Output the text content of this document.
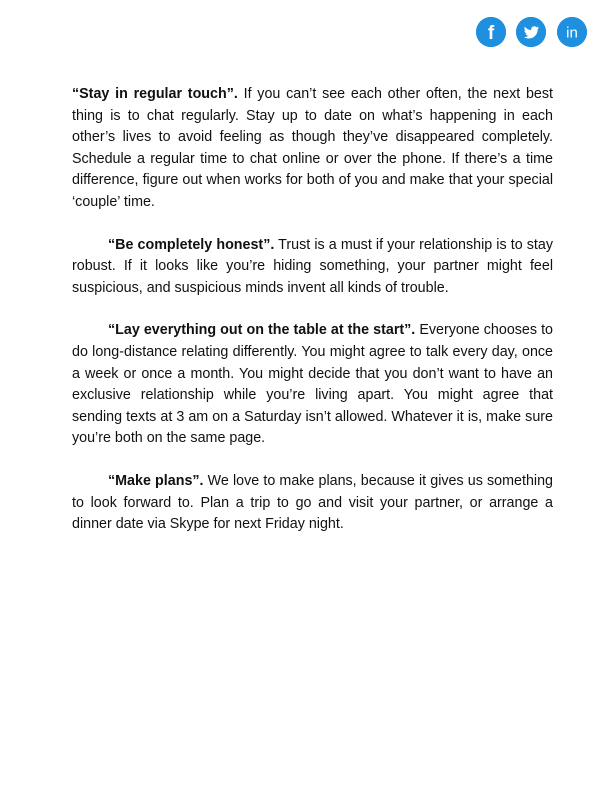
f	in

“Stay in regular touch”. If you can’t see each other often, the next best thing is to chat regularly. Stay up to date on what’s happening in each other’s lives to avoid feeling as though they’ve disappeared completely. Schedule a regular time to chat online or over the phone. If there’s a time difference, figure out when works for both of you and make that your special ‘couple’ time.

“Be completely honest”. Trust is a must if your relationship is to stay robust. If it looks like you’re hiding something, your partner might feel suspicious, and suspicious minds invent all kinds of trouble.

“Lay everything out on the table at the start”. Everyone chooses to do long-distance relating differently. You might agree to talk every day, once a week or once a month. You might decide that you don’t want to have an exclusive relationship while you’re living apart. You might agree that sending texts at 3 am on a Saturday isn’t allowed. Whatever it is, make sure you’re both on the same page.

“Make plans”. We love to make plans, because it gives us something to look forward to. Plan a trip to go and visit your partner, or arrange a dinner date via Skype for next Friday night.
